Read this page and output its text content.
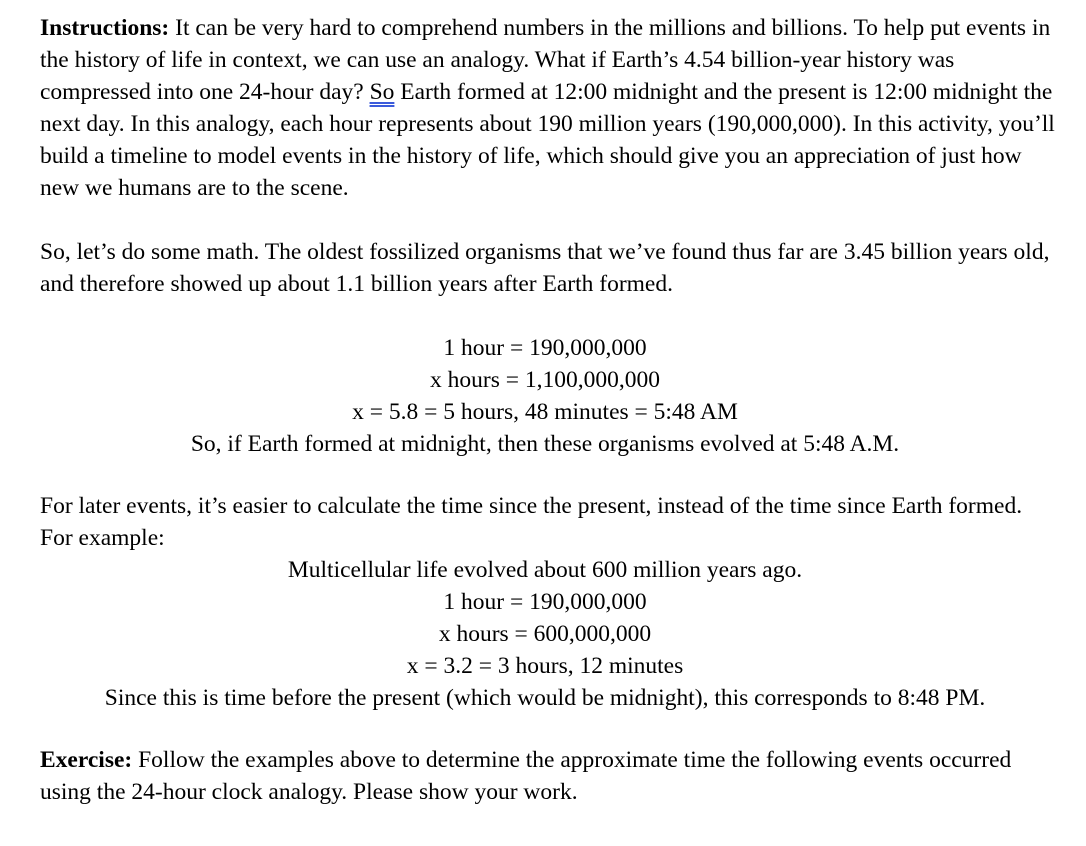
Instructions: It can be very hard to comprehend numbers in the millions and billions. To help put events in the history of life in context, we can use an analogy. What if Earth’s 4.54 billion-year history was compressed into one 24-hour day? So Earth formed at 12:00 midnight and the present is 12:00 midnight the next day. In this analogy, each hour represents about 190 million years (190,000,000). In this activity, you’ll build a timeline to model events in the history of life, which should give you an appreciation of just how new we humans are to the scene.

So, let’s do some math. The oldest fossilized organisms that we’ve found thus far are 3.45 billion years old, and therefore showed up about 1.1 billion years after Earth formed.

1 hour = 190,000,000

x hours = 1,100,000,000

x = 5.8 = 5 hours, 48 minutes = 5:48 AM

So, if Earth formed at midnight, then these organisms evolved at 5:48 A.M.

For later events, it’s easier to calculate the time since the present, instead of the time since Earth formed. For example:

Multicellular life evolved about 600 million years ago.

1 hour = 190,000,000

x hours = 600,000,000

x = 3.2 = 3 hours, 12 minutes

Since this is time before the present (which would be midnight), this corresponds to 8:48 PM.

Exercise: Follow the examples above to determine the approximate time the following events occurred using the 24-hour clock analogy. Please show your work.
